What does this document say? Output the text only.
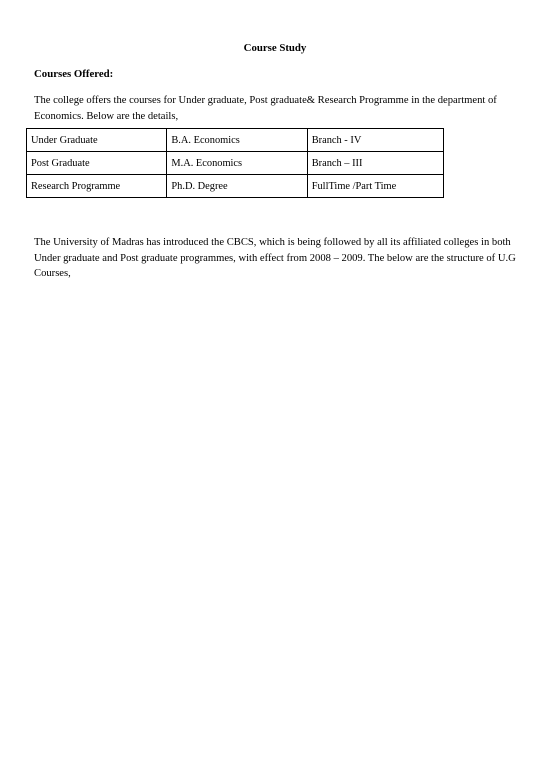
Course Study
Courses Offered:
The college offers the courses for Under graduate, Post graduate& Research Programme in the department of Economics. Below are the details,
Under Graduate	B.A. Economics	Branch - IV
Post Graduate	M.A. Economics	Branch – III
Research Programme	Ph.D. Degree	FullTime /Part Time
The University of Madras has introduced the CBCS, which is being followed by all its affiliated colleges in both Under graduate and Post graduate programmes, with effect from 2008 – 2009. The below are the structure of U.G Courses,
